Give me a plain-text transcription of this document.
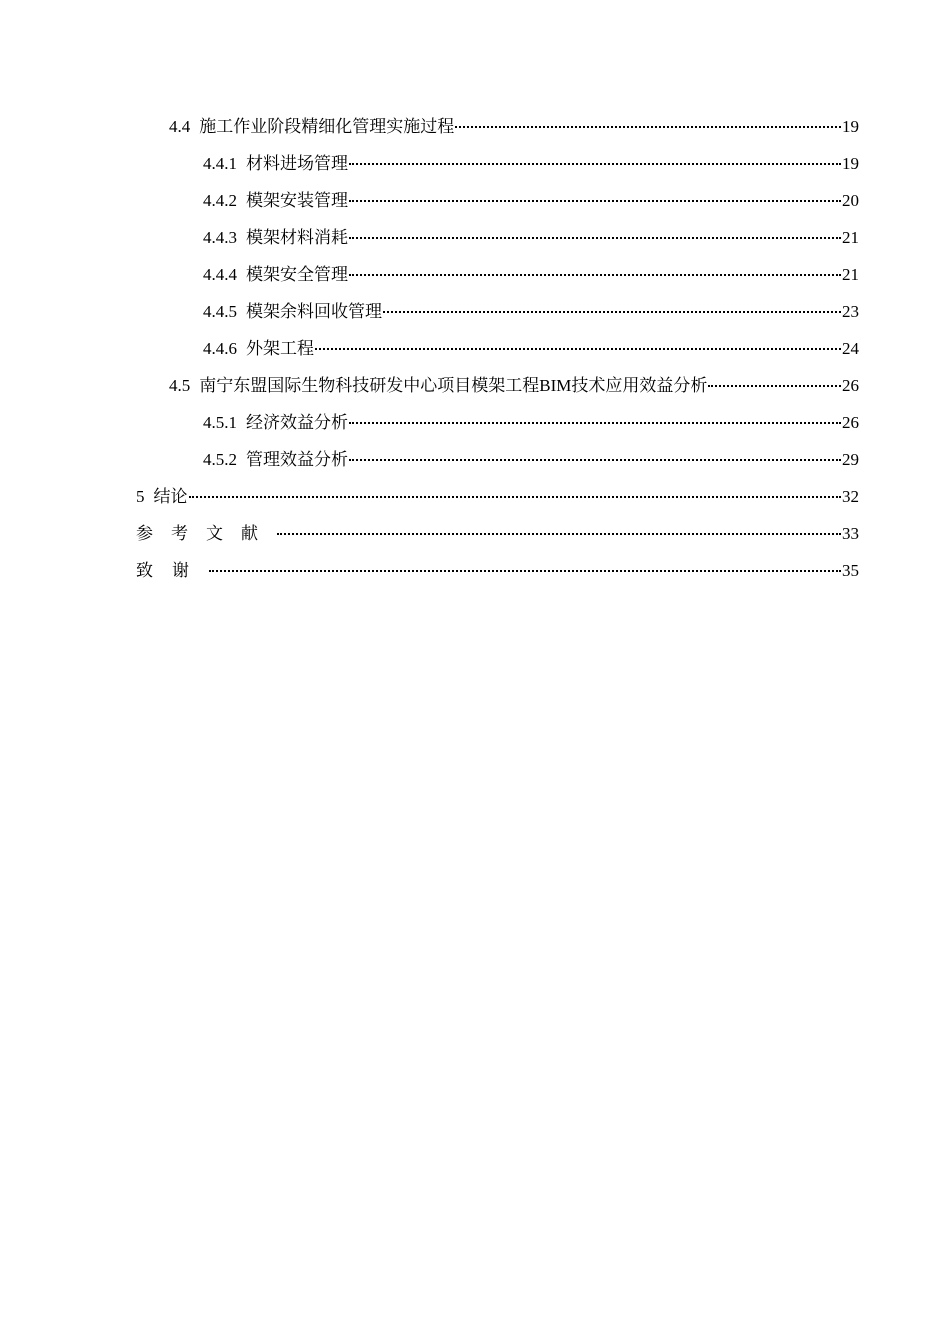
4.4 施工作业阶段精细化管理实施过程	19
4.4.1 材料进场管理	19
4.4.2 模架安装管理	20
4.4.3 模架材料消耗	21
4.4.4 模架安全管理	21
4.4.5 模架余料回收管理	23
4.4.6 外架工程	24
4.5 南宁东盟国际生物科技研发中心项目模架工程BIM技术应用效益分析	26
4.5.1 经济效益分析	26
4.5.2 管理效益分析	29
5 结论	32
参考文献	33
致谢	35
